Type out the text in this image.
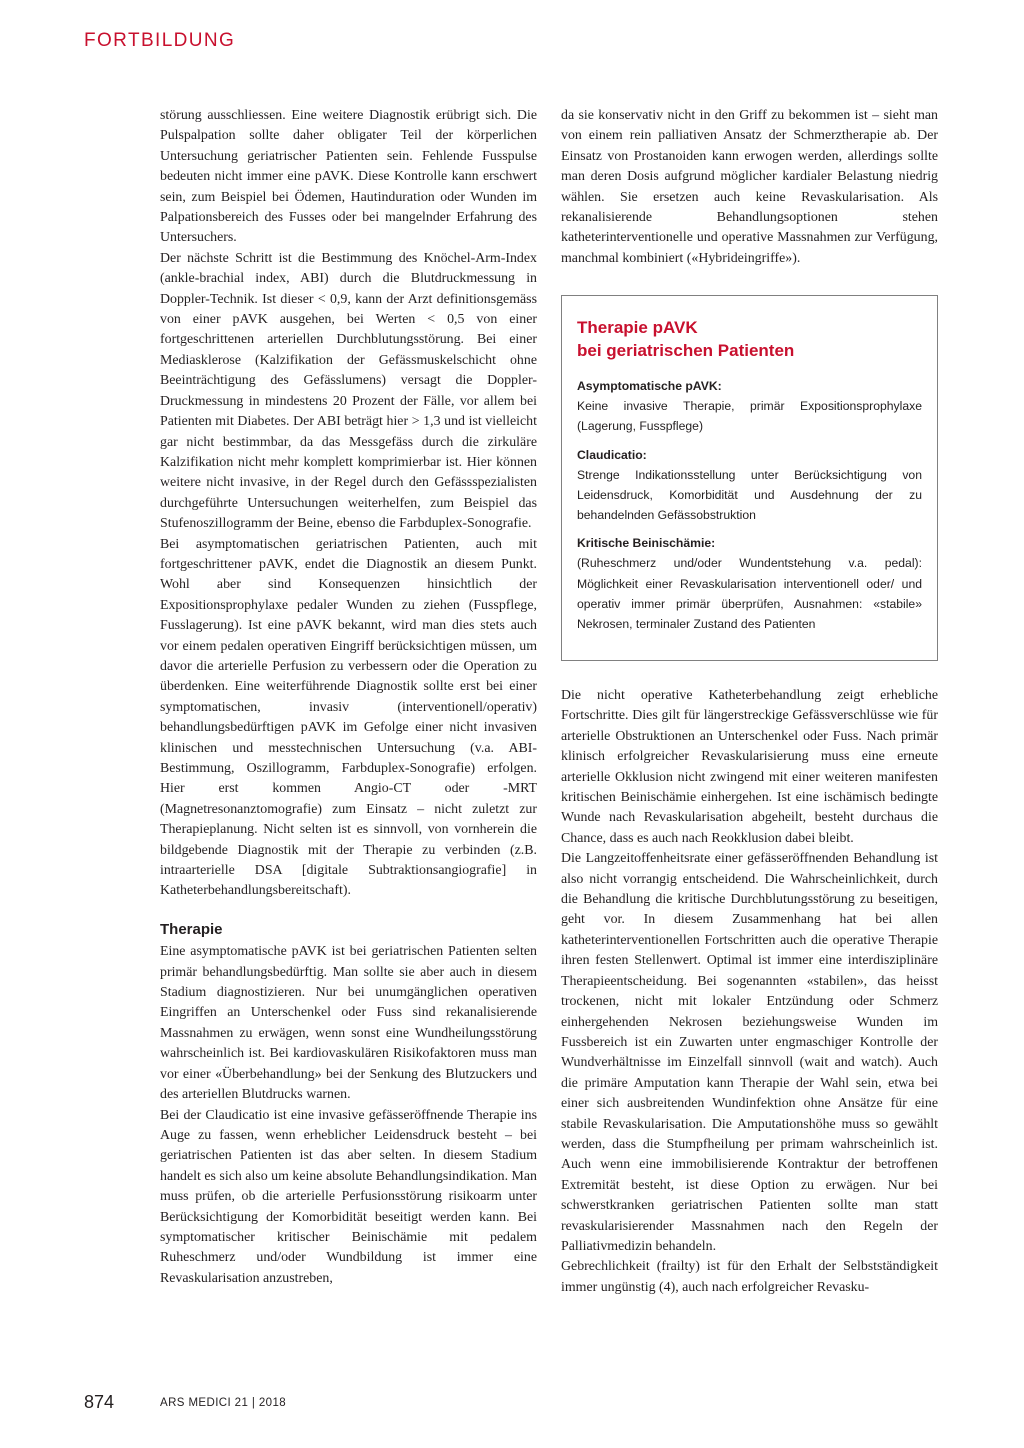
FORTBILDUNG

störung ausschliessen. Eine weitere Diagnostik erübrigt sich. Die Pulspalpation sollte daher obligater Teil der körperlichen Untersuchung geriatrischer Patienten sein. Fehlende Fusspulse bedeuten nicht immer eine pAVK. Diese Kontrolle kann erschwert sein, zum Beispiel bei Ödemen, Hautinduration oder Wunden im Palpationsbereich des Fusses oder bei mangelnder Erfahrung des Untersuchers.

Der nächste Schritt ist die Bestimmung des Knöchel-Arm-Index (ankle-brachial index, ABI) durch die Blutdruckmessung in Doppler-Technik. Ist dieser < 0,9, kann der Arzt definitionsgemäss von einer pAVK ausgehen, bei Werten < 0,5 von einer fortgeschrittenen arteriellen Durchblutungsstörung. Bei einer Mediasklerose (Kalzifikation der Gefässmuskelschicht ohne Beeinträchtigung des Gefässlumens) versagt die Doppler-Druckmessung in mindestens 20 Prozent der Fälle, vor allem bei Patienten mit Diabetes. Der ABI beträgt hier > 1,3 und ist vielleicht gar nicht bestimmbar, da das Messgefäss durch die zirkuläre Kalzifikation nicht mehr komplett komprimierbar ist. Hier können weitere nicht invasive, in der Regel durch den Gefässspezialisten durchgeführte Untersuchungen weiterhelfen, zum Beispiel das Stufenoszillogramm der Beine, ebenso die Farbduplex-Sonografie.

Bei asymptomatischen geriatrischen Patienten, auch mit fortgeschrittener pAVK, endet die Diagnostik an diesem Punkt. Wohl aber sind Konsequenzen hinsichtlich der Expositionsprophylaxe pedaler Wunden zu ziehen (Fusspflege, Fusslagerung). Ist eine pAVK bekannt, wird man dies stets auch vor einem pedalen operativen Eingriff berücksichtigen müssen, um davor die arterielle Perfusion zu verbessern oder die Operation zu überdenken. Eine weiterführende Diagnostik sollte erst bei einer symptomatischen, invasiv (interventionell/operativ) behandlungsbedürftigen pAVK im Gefolge einer nicht invasiven klinischen und messtechnischen Untersuchung (v.a. ABI-Bestimmung, Oszillogramm, Farbduplex-Sonografie) erfolgen. Hier erst kommen Angio-CT oder -MRT (Magnetresonanztomografie) zum Einsatz – nicht zuletzt zur Therapieplanung. Nicht selten ist es sinnvoll, von vornherein die bildgebende Diagnostik mit der Therapie zu verbinden (z.B. intraarterielle DSA [digitale Subtraktionsangiografie] in Katheterbehandlungsbereitschaft).

Therapie

Eine asymptomatische pAVK ist bei geriatrischen Patienten selten primär behandlungsbedürftig. Man sollte sie aber auch in diesem Stadium diagnostizieren. Nur bei unumgänglichen operativen Eingriffen an Unterschenkel oder Fuss sind rekanalisierende Massnahmen zu erwägen, wenn sonst eine Wundheilungsstörung wahrscheinlich ist. Bei kardiovaskulären Risikofaktoren muss man vor einer «Überbehandlung» bei der Senkung des Blutzuckers und des arteriellen Blutdrucks warnen.

Bei der Claudicatio ist eine invasive gefässeröffnende Therapie ins Auge zu fassen, wenn erheblicher Leidensdruck besteht – bei geriatrischen Patienten ist das aber selten. In diesem Stadium handelt es sich also um keine absolute Behandlungsindikation. Man muss prüfen, ob die arterielle Perfusionsstörung risikoarm unter Berücksichtigung der Komorbidität beseitigt werden kann. Bei symptomatischer kritischer Beinischämie mit pedalem Ruheschmerz und/oder Wundbildung ist immer eine Revaskularisation anzustreben,

da sie konservativ nicht in den Griff zu bekommen ist – sieht man von einem rein palliativen Ansatz der Schmerztherapie ab. Der Einsatz von Prostanoiden kann erwogen werden, allerdings sollte man deren Dosis aufgrund möglicher kardialer Belastung niedrig wählen. Sie ersetzen auch keine Revaskularisation. Als rekanalisierende Behandlungsoptionen stehen katheterinterventionelle und operative Massnahmen zur Verfügung, manchmal kombiniert («Hybrideingriffe»).

Therapie pAVK
bei geriatrischen Patienten
Asymptomatische pAVK:
Keine invasive Therapie, primär Expositionsprophylaxe (Lagerung, Fusspflege)
Claudicatio:
Strenge Indikationsstellung unter Berücksichtigung von Leidensdruck, Komorbidität und Ausdehnung der zu behandelnden Gefässobstruktion
Kritische Beinischämie:
(Ruheschmerz und/oder Wundentstehung v.a. pedal): Möglichkeit einer Revaskularisation interventionell oder/ und operativ immer primär überprüfen, Ausnahmen: «stabile» Nekrosen, terminaler Zustand des Patienten

Die nicht operative Katheterbehandlung zeigt erhebliche Fortschritte. Dies gilt für längerstreckige Gefässverschlüsse wie für arterielle Obstruktionen an Unterschenkel oder Fuss. Nach primär klinisch erfolgreicher Revaskularisierung muss eine erneute arterielle Okklusion nicht zwingend mit einer weiteren manifesten kritischen Beinischämie einhergehen. Ist eine ischämisch bedingte Wunde nach Revaskularisation abgeheilt, besteht durchaus die Chance, dass es auch nach Reokklusion dabei bleibt.

Die Langzeitoffenheitsrate einer gefässeröffnenden Behandlung ist also nicht vorrangig entscheidend. Die Wahrscheinlichkeit, durch die Behandlung die kritische Durchblutungsstörung zu beseitigen, geht vor. In diesem Zusammenhang hat bei allen katheterinterventionellen Fortschritten auch die operative Therapie ihren festen Stellenwert. Optimal ist immer eine interdisziplinäre Therapieentscheidung. Bei sogenannten «stabilen», das heisst trockenen, nicht mit lokaler Entzündung oder Schmerz einhergehenden Nekrosen beziehungsweise Wunden im Fussbereich ist ein Zuwarten unter engmaschiger Kontrolle der Wundverhältnisse im Einzelfall sinnvoll (wait and watch). Auch die primäre Amputation kann Therapie der Wahl sein, etwa bei einer sich ausbreitenden Wundinfektion ohne Ansätze für eine stabile Revaskularisation. Die Amputationshöhe muss so gewählt werden, dass die Stumpfheilung per primam wahrscheinlich ist. Auch wenn eine immobilisierende Kontraktur der betroffenen Extremität besteht, ist diese Option zu erwägen. Nur bei schwerstkranken geriatrischen Patienten sollte man statt revaskularisierender Massnahmen nach den Regeln der Palliativmedizin behandeln.

Gebrechlichkeit (frailty) ist für den Erhalt der Selbstständigkeit immer ungünstig (4), auch nach erfolgreicher Revasku-

874	ARS MEDICI 21 | 2018
